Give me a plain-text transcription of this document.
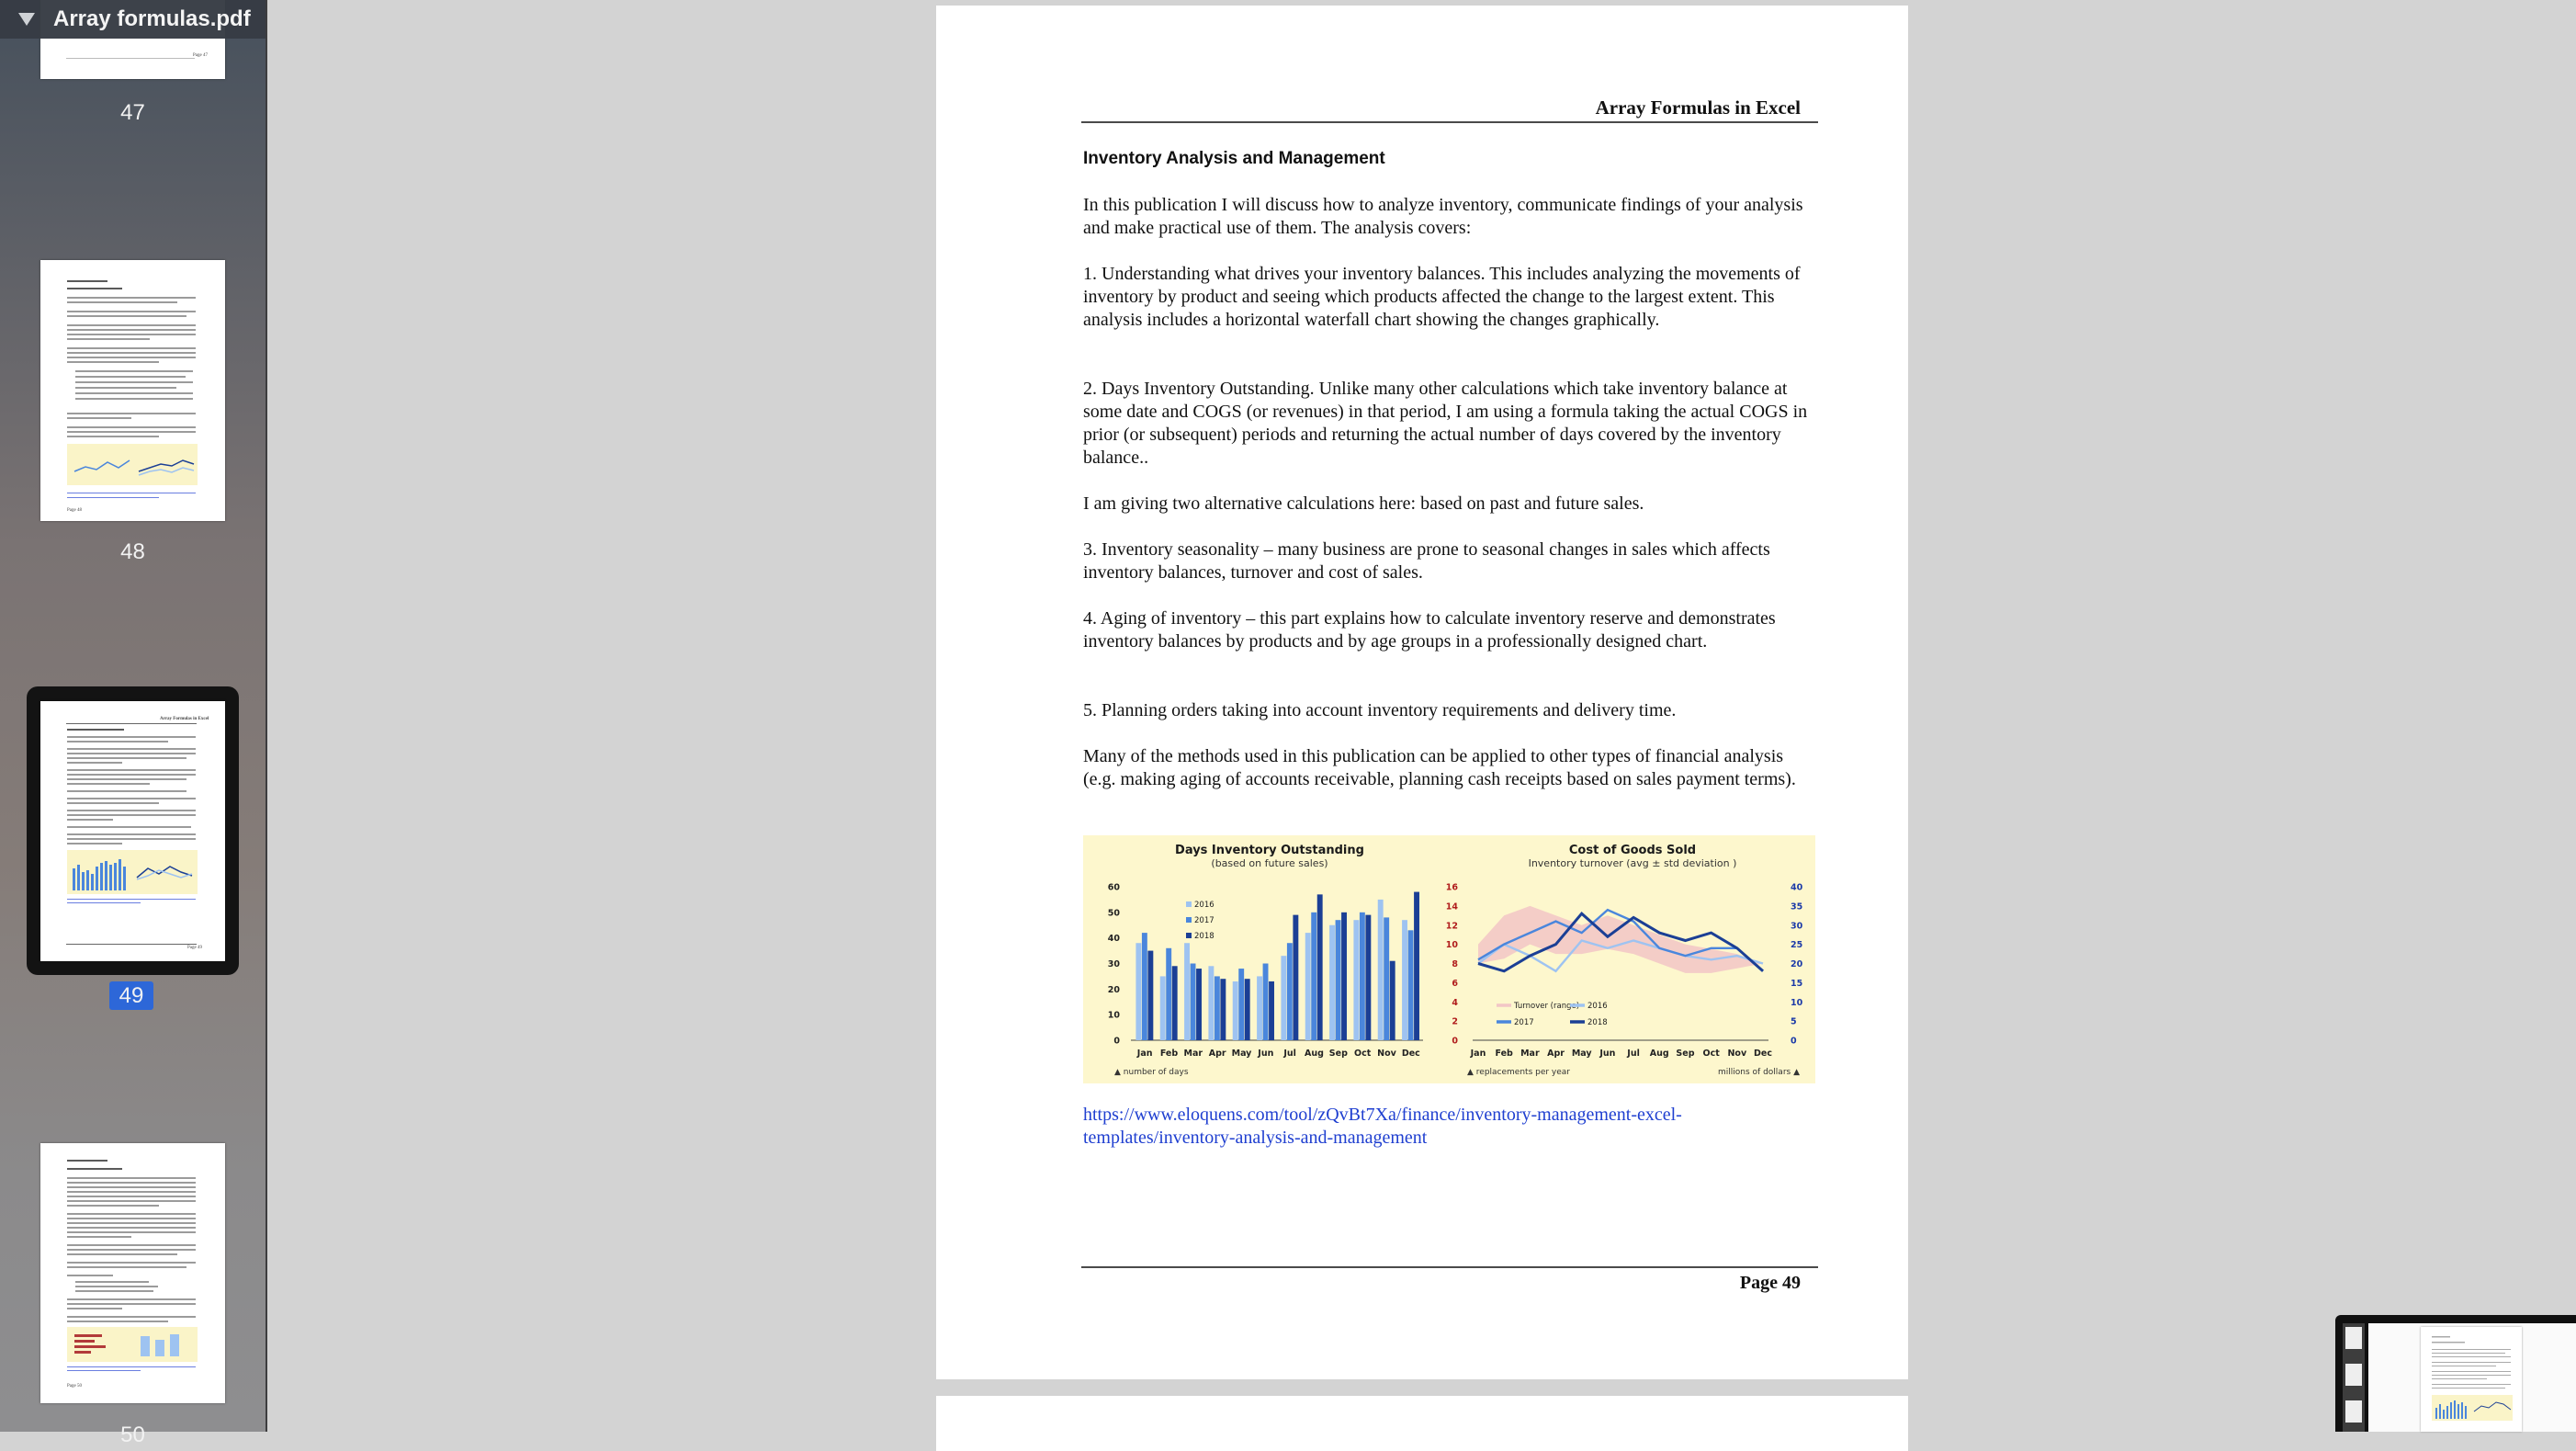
Array formulas.pdf
Page 47
47
Page 48
48
Array Formulas in Excel
Page 49
49
Page 50
50
Array Formulas in Excel
Inventory Analysis and Management

In this publication I will discuss how to analyze inventory, communicate findings of your analysis and make practical use of them. The analysis covers:

1. Understanding what drives your inventory balances. This includes analyzing the movements of inventory by product and seeing which products affected the change to the largest extent. This analysis includes a horizontal waterfall chart showing the changes graphically.

2. Days Inventory Outstanding. Unlike many other calculations which take inventory balance at some date and COGS (or revenues) in that period, I am using a formula taking the actual COGS in prior (or subsequent) periods and returning the actual number of days covered by the inventory balance..

I am giving two alternative calculations here: based on past and future sales.

3. Inventory seasonality – many business are prone to seasonal changes in sales which affects inventory balances, turnover and cost of sales.

4. Aging of inventory – this part explains how to calculate inventory reserve and demonstrates inventory balances by products and by age groups in a professionally designed chart.

5. Planning orders taking into account inventory requirements and delivery time.

Many of the methods used in this publication can be applied to other types of financial analysis (e.g. making aging of accounts receivable, planning cash receipts based on sales payment terms).

Days Inventory Outstanding
(based on future sales)
0
10
20
30
40
50
60
Jan Feb Mar Apr May Jun Jul Aug Sep Oct Nov Dec
2016
2017
2018
▲ number of days
Cost of Goods Sold
Inventory turnover (avg ± std deviation )
0
2
4
6
8
10
12
14
16
0
5
10
15
20
25
30
35
40
Jan Feb Mar Apr May Jun Jul Aug Sep Oct Nov Dec
Turnover (range) 2016
2017	2018
▲ replacements per year	millions of dollars ▲
https://www.eloquens.com/tool/zQvBt7Xa/finance/inventory-management-excel-
templates/inventory-analysis-and-management
Page 49
